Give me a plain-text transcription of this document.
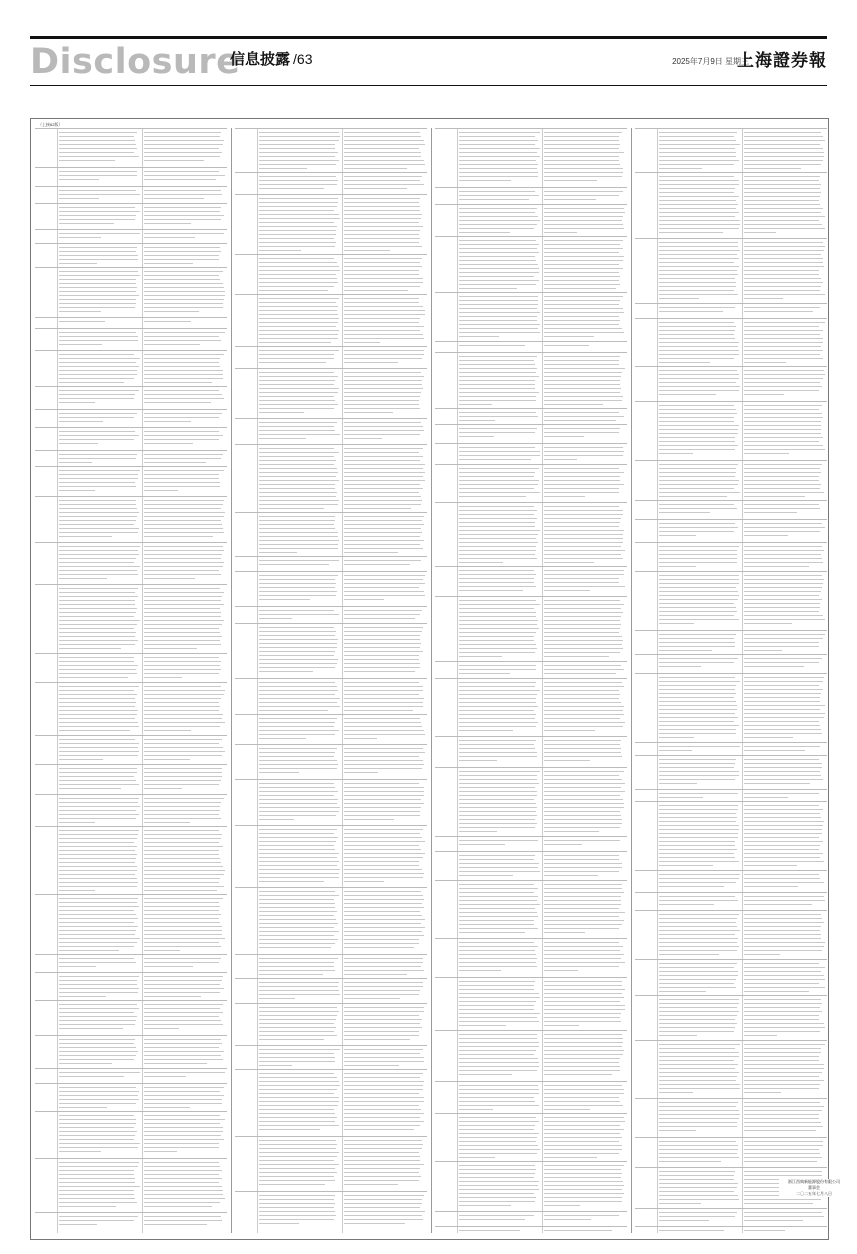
Disclosure
信息披露 /63	2025年7月9日 星期三
上海證券報
（上接62版）
浙江西典新能源股份有限公司
董事会
二〇二五年七月八日
